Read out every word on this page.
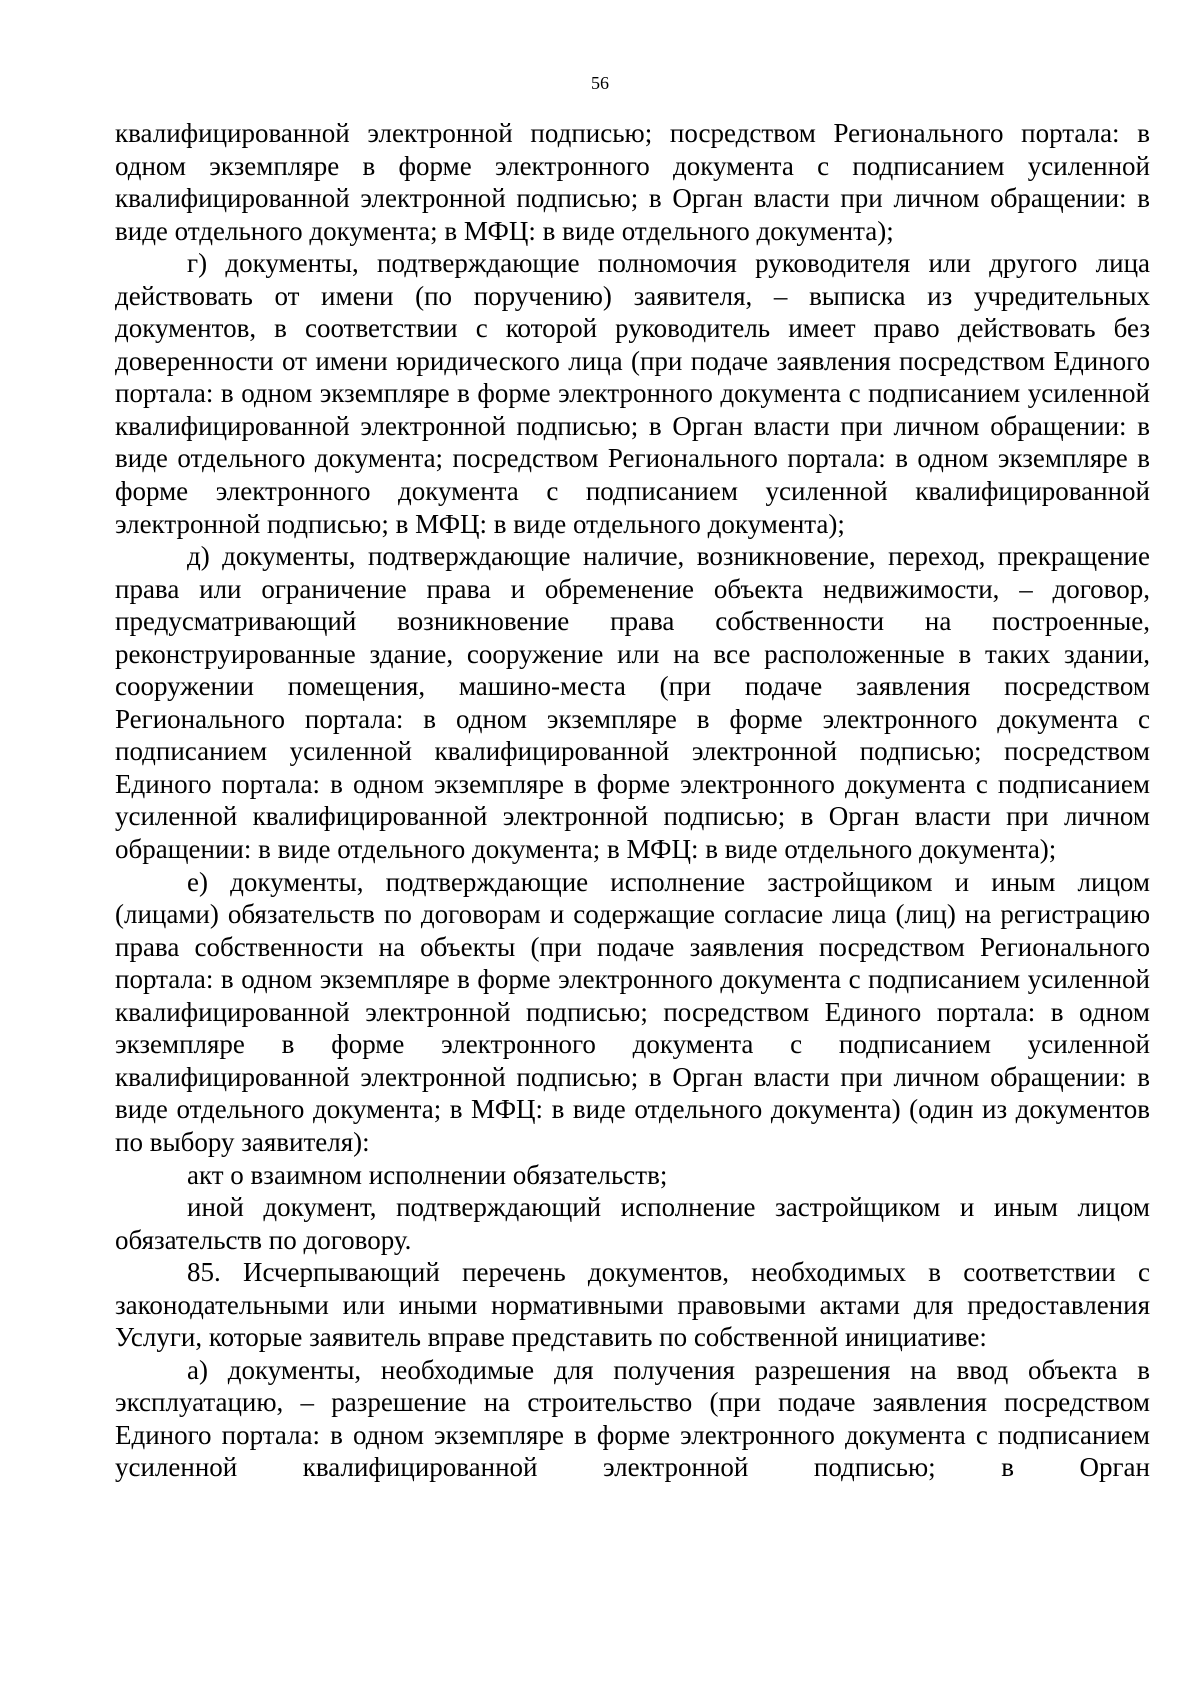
56

квалифицированной электронной подписью; посредством Регионального портала: в одном экземпляре в форме электронного документа с подписанием усиленной квалифицированной электронной подписью; в Орган власти при личном обращении: в виде отдельного документа; в МФЦ: в виде отдельного документа);

г) документы, подтверждающие полномочия руководителя или другого лица действовать от имени (по поручению) заявителя, – выписка из учредительных документов, в соответствии с которой руководитель имеет право действовать без доверенности от имени юридического лица (при подаче заявления посредством Единого портала: в одном экземпляре в форме электронного документа с подписанием усиленной квалифицированной электронной подписью; в Орган власти при личном обращении: в виде отдельного документа; посредством Регионального портала: в одном экземпляре в форме электронного документа с подписанием усиленной квалифицированной электронной подписью; в МФЦ: в виде отдельного документа);

д) документы, подтверждающие наличие, возникновение, переход, прекращение права или ограничение права и обременение объекта недвижимости, – договор, предусматривающий возникновение права собственности на построенные, реконструированные здание, сооружение или на все расположенные в таких здании, сооружении помещения, машино-места (при подаче заявления посредством Регионального портала: в одном экземпляре в форме электронного документа с подписанием усиленной квалифицированной электронной подписью; посредством Единого портала: в одном экземпляре в форме электронного документа с подписанием усиленной квалифицированной электронной подписью; в Орган власти при личном обращении: в виде отдельного документа; в МФЦ: в виде отдельного документа);

е) документы, подтверждающие исполнение застройщиком и иным лицом (лицами) обязательств по договорам и содержащие согласие лица (лиц) на регистрацию права собственности на объекты (при подаче заявления посредством Регионального портала: в одном экземпляре в форме электронного документа с подписанием усиленной квалифицированной электронной подписью; посредством Единого портала: в одном экземпляре в форме электронного документа с подписанием усиленной квалифицированной электронной подписью; в Орган власти при личном обращении: в виде отдельного документа; в МФЦ: в виде отдельного документа) (один из документов по выбору заявителя):

акт о взаимном исполнении обязательств;

иной документ, подтверждающий исполнение застройщиком и иным лицом обязательств по договору.

85. Исчерпывающий перечень документов, необходимых в соответствии с законодательными или иными нормативными правовыми актами для предоставления Услуги, которые заявитель вправе представить по собственной инициативе:

а) документы, необходимые для получения разрешения на ввод объекта в эксплуатацию, – разрешение на строительство (при подаче заявления посредством Единого портала: в одном экземпляре в форме электронного документа с подписанием усиленной квалифицированной электронной подписью; в Орган
